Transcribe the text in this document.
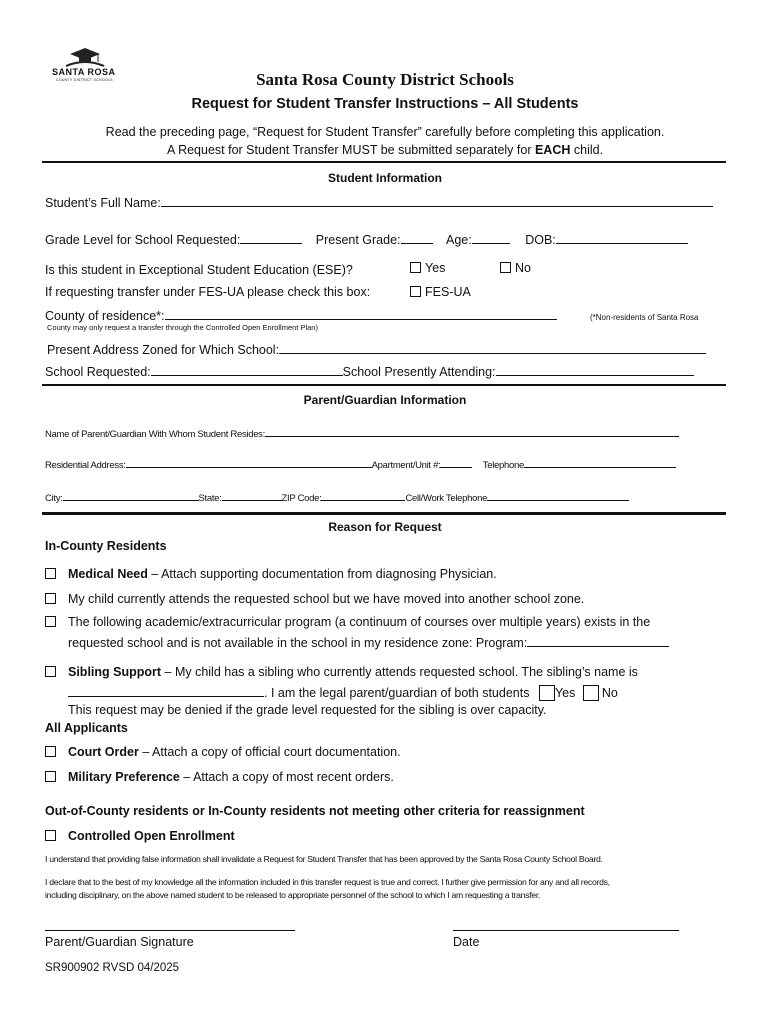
SANTA ROSA
COUNTY DISTRICT SCHOOLS	Santa Rosa County District Schools
Request for Student Transfer Instructions – All Students
Read the preceding page, “Request for Student Transfer” carefully before completing this application.
A Request for Student Transfer MUST be submitted separately for EACH child.
Student Information
Student’s Full Name:
Grade Level for School Requested:	Present Grade:	Age:	DOB:
Is this student in Exceptional Student Education (ESE)?	Yes	No
If requesting transfer under FES-UA please check this box:	FES-UA
County of residence*:	(*Non-residents of Santa Rosa
County may only request a transfer through the Controlled Open Enrollment Plan)
Present Address Zoned for Which School:
School Requested:	School Presently Attending:
Parent/Guardian Information
Name of Parent/Guardian With Whom Student Resides:
Residential Address:	Apartment/Unit #:	Telephone
City:	State:	ZIP Code:	Cell/Work Telephone
Reason for Request
In-County Residents
Medical Need – Attach supporting documentation from diagnosing Physician.
My child currently attends the requested school but we have moved into another school zone.
The following academic/extracurricular program (a continuum of courses over multiple years) exists in the
requested school and is not available in the school in my residence zone: Program:
Sibling Support – My child has a sibling who currently attends requested school. The sibling’s name is
. I am the legal parent/guardian of both students Yes No
This request may be denied if the grade level requested for the sibling is over capacity.
All Applicants
Court Order – Attach a copy of official court documentation.
Military Preference – Attach a copy of most recent orders.
Out-of-County residents or In-County residents not meeting other criteria for reassignment
Controlled Open Enrollment
I understand that providing false information shall invalidate a Request for Student Transfer that has been approved by the Santa Rosa County School Board.
I declare that to the best of my knowledge all the information included in this transfer request is true and correct. I further give permission for any and all records,
including disciplinary, on the above named student to be released to appropriate personnel of the school to which I am requesting a transfer.
Parent/Guardian Signature	Date
SR900902 RVSD 04/2025
